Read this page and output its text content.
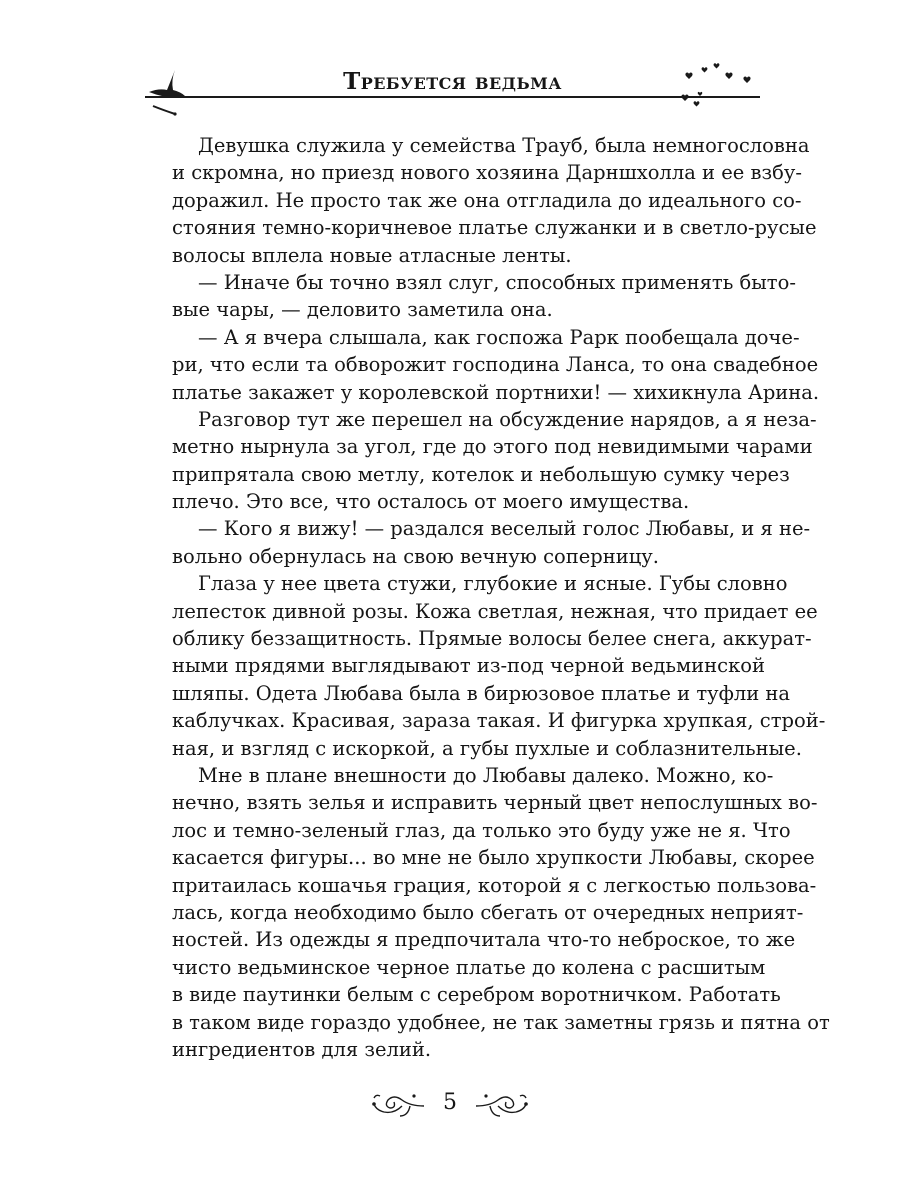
Требуется ведьма
Девушка служила у семейства Трауб, была немногословна
и скромна, но приезд нового хозяина Дарншхолла и ее взбу-
доражил. Не просто так же она отгладила до идеального со-
стояния темно-коричневое платье служанки и в светло-русые
волосы вплела новые атласные ленты.
— Иначе бы точно взял слуг, способных применять быто-
вые чары, — деловито заметила она.
— А я вчера слышала, как госпожа Рарк пообещала доче-
ри, что если та обворожит господина Ланса, то она свадебное
платье закажет у королевской портнихи! — хихикнула Арина.
Разговор тут же перешел на обсуждение нарядов, а я неза-
метно нырнула за угол, где до этого под невидимыми чарами
припрятала свою метлу, котелок и небольшую сумку через
плечо. Это все, что осталось от моего имущества.
— Кого я вижу! — раздался веселый голос Любавы, и я не-
вольно обернулась на свою вечную соперницу.
Глаза у нее цвета стужи, глубокие и ясные. Губы словно
лепесток дивной розы. Кожа светлая, нежная, что придает ее
облику беззащитность. Прямые волосы белее снега, аккурат-
ными прядями выглядывают из-под черной ведьминской
шляпы. Одета Любава была в бирюзовое платье и туфли на
каблучках. Красивая, зараза такая. И фигурка хрупкая, строй-
ная, и взгляд с искоркой, а губы пухлые и соблазнительные.
Мне в плане внешности до Любавы далеко. Можно, ко-
нечно, взять зелья и исправить черный цвет непослушных во-
лос и темно-зеленый глаз, да только это буду уже не я. Что
касается фигуры... во мне не было хрупкости Любавы, скорее
притаилась кошачья грация, которой я с легкостью пользова-
лась, когда необходимо было сбегать от очередных неприят-
ностей. Из одежды я предпочитала что-то неброское, то же
чисто ведьминское черное платье до колена с расшитым
в виде паутинки белым с серебром воротничком. Работать
в таком виде гораздо удобнее, не так заметны грязь и пятна от
ингредиентов для зелий.
5
